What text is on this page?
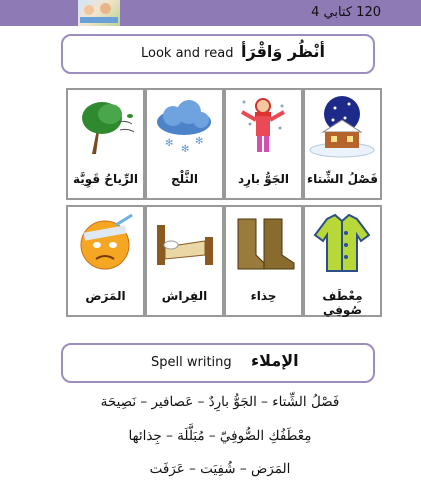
120 كتابي 4
Look and read أنْظُر وَاقْرَأ
فَصْلُ الشِّتاء
الجَوُّ بارِد
✻
✻
✻
الثَّلْج
الرِّياحُ قَوِيَّة
مِعْطَف صُوفِي
حِذاء
الفِراش
المَرَض
Spell writing الإملاء
فَصْلُ الشِّتاء – الجَوُّ بارِدٌ – عَصافير – نَصِيحَة
مِعْطَفُكِ الصُّوفِيّ – مُبَلَّلَة – جِذائها
المَرَض – شُفِيَت – عَرَفَت
